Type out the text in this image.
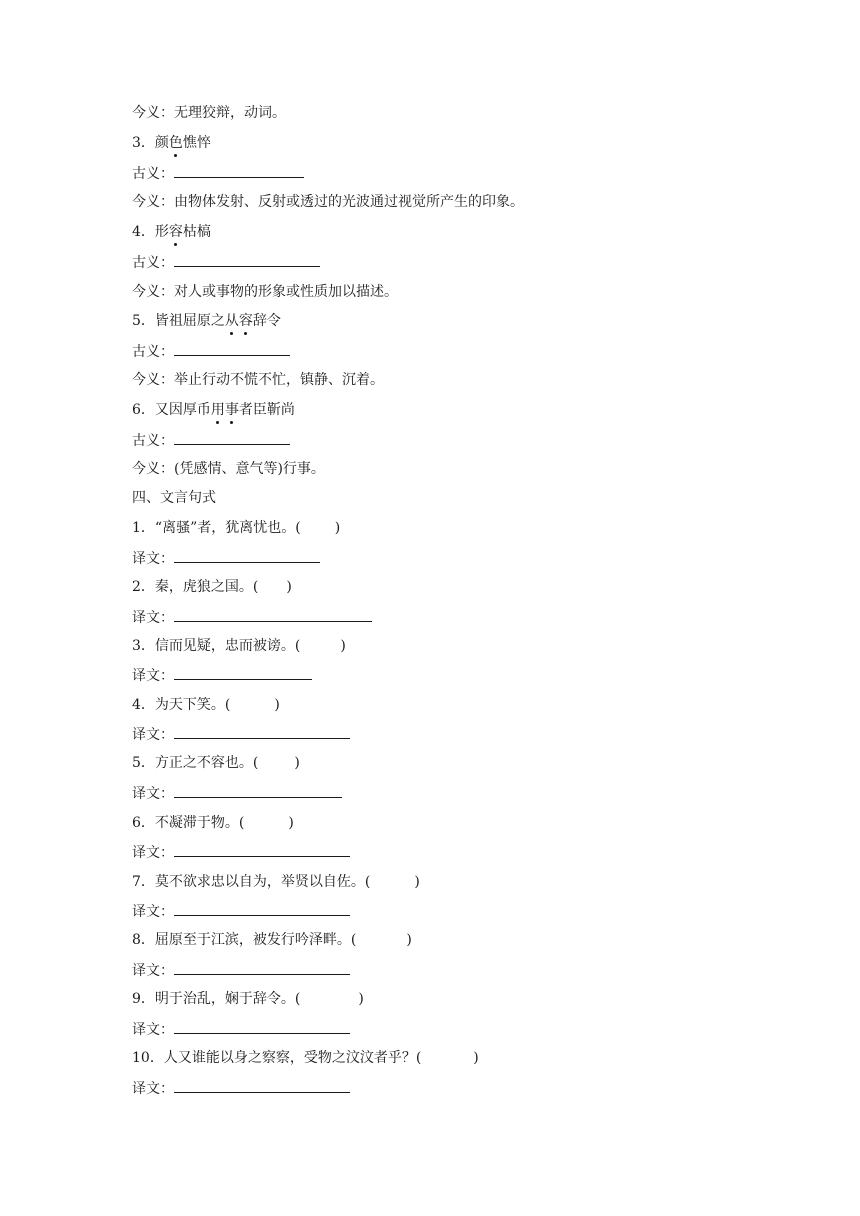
今义：无理狡辩，动词。
3．颜色憔悴
古义：
今义：由物体发射、反射或透过的光波通过视觉所产生的印象。
4．形容枯槁
古义：
今义：对人或事物的形象或性质加以描述。
5．皆祖屈原之从容辞令
古义：
今义：举止行动不慌不忙，镇静、沉着。
6．又因厚币用事者臣靳尚
古义：
今义：(凭感情、意气等)行事。
四、文言句式
1．“离骚”者，犹离忧也。( )
译文：
2．秦，虎狼之国。( )
译文：
3．信而见疑，忠而被谤。(	)
译文：
4．为天下笑。(	)
译文：
5．方正之不容也。(	)
译文：
6．不凝滞于物。(	)
译文：
7．莫不欲求忠以自为，举贤以自佐。(	)
译文：
8．屈原至于江滨，被发行吟泽畔。(	)
译文：
9．明于治乱，娴于辞令。(	)
译文：
10．人又谁能以身之察察，受物之汶汶者乎？(	)
译文：
